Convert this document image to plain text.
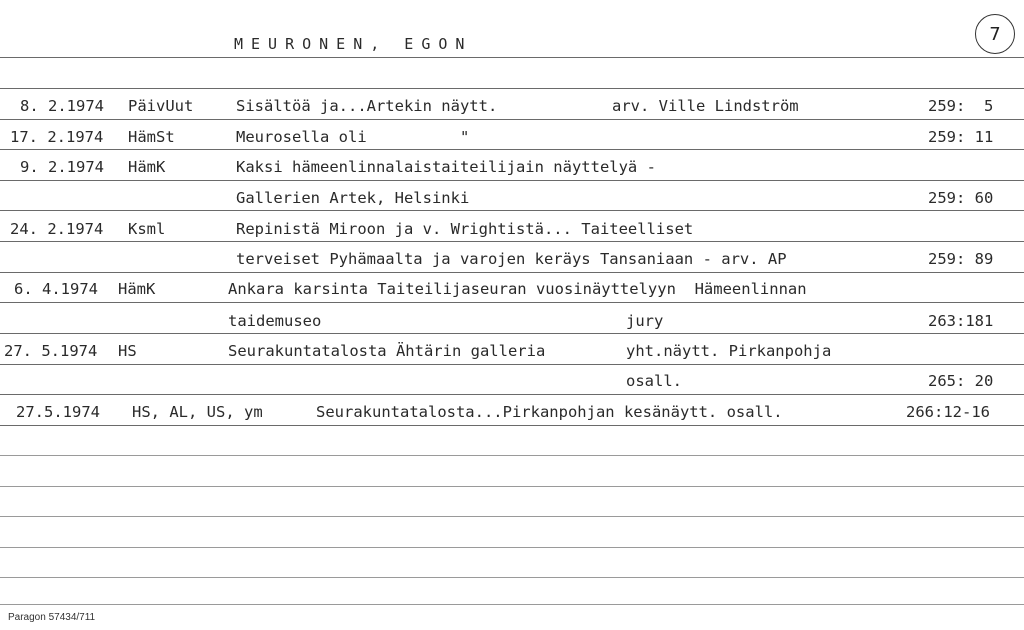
MEURONEN, EGON	7
8. 2.1974 PäivUut	Sisältöä ja...Artekin näytt.	arv. Ville Lindström	259:  5
17. 2.1974 HämSt	Meurosella oli	"	259: 11
9. 2.1974 HämK	Kaksi hämeenlinnalaistaiteilijain näyttelyä -
Gallerien Artek, Helsinki	259: 60
24. 2.1974 Ksml	Repinistä Miroon ja v. Wrightistä... Taiteelliset
terveiset Pyhämaalta ja varojen keräys Tansaniaan - arv. AP	259: 89
6. 4.1974 HämK	Ankara karsinta Taiteilijaseuran vuosinäyttelyyn  Hämeenlinnan
taidemuseo	jury	263:181
27. 5.1974 HS	Seurakuntatalosta Ähtärin galleria	yht.näytt. Pirkanpohja
osall.	265: 20
27.5.1974 HS, AL, US, ym	Seurakuntatalosta...Pirkanpohjan kesänäytt. osall.	266:12-16
Paragon 57434/711
